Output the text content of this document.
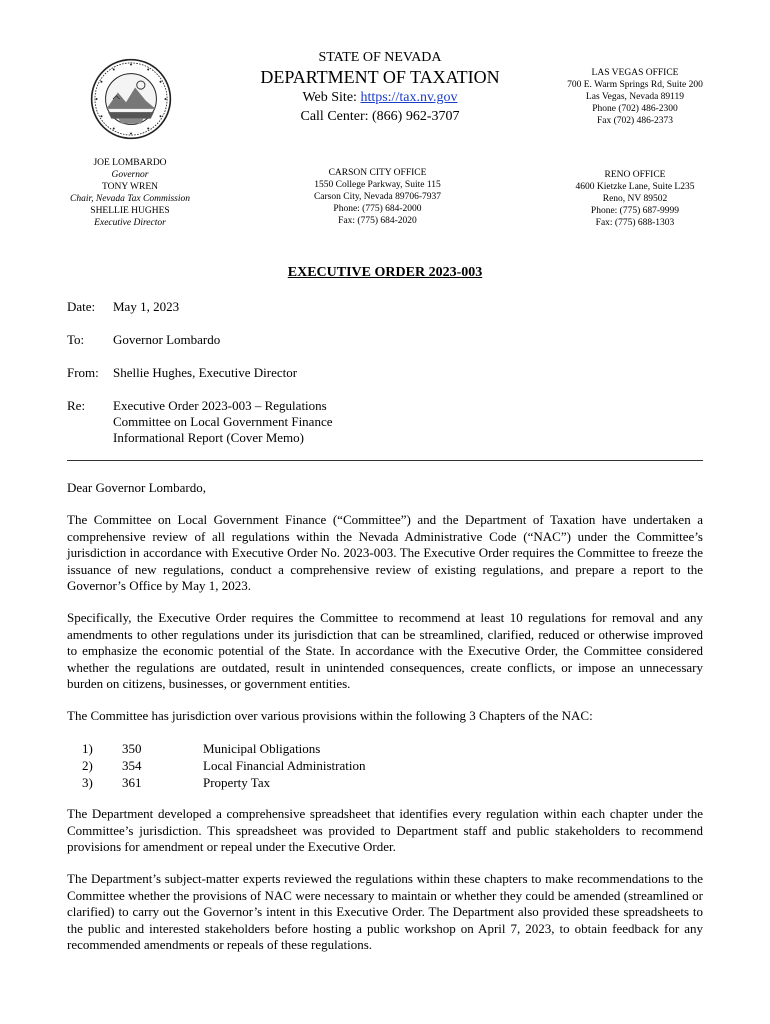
STATE OF NEVADA
DEPARTMENT OF TAXATION
Web Site: https://tax.nv.gov
Call Center: (866) 962-3707
LAS VEGAS OFFICE
700 E. Warm Springs Rd, Suite 200
Las Vegas, Nevada 89119
Phone (702) 486-2300
Fax (702) 486-2373
JOE LOMBARDO
Governor
TONY WREN
Chair, Nevada Tax Commission
SHELLIE HUGHES
Executive Director
CARSON CITY OFFICE
1550 College Parkway, Suite 115
Carson City, Nevada 89706-7937
Phone: (775) 684-2000
Fax: (775) 684-2020
RENO OFFICE
4600 Kietzke Lane, Suite L235
Reno, NV 89502
Phone: (775) 687-9999
Fax: (775) 688-1303
EXECUTIVE ORDER 2023-003
Date: May 1, 2023
To: Governor Lombardo
From: Shellie Hughes, Executive Director
Re: Executive Order 2023-003 – Regulations
Committee on Local Government Finance
Informational Report (Cover Memo)
Dear Governor Lombardo,
The Committee on Local Government Finance (“Committee”) and the Department of Taxation have undertaken a comprehensive review of all regulations within the Nevada Administrative Code (“NAC”) under the Committee’s jurisdiction in accordance with Executive Order No. 2023-003. The Executive Order requires the Committee to freeze the issuance of new regulations, conduct a comprehensive review of existing regulations, and prepare a report to the Governor’s Office by May 1, 2023.
Specifically, the Executive Order requires the Committee to recommend at least 10 regulations for removal and any amendments to other regulations under its jurisdiction that can be streamlined, clarified, reduced or otherwise improved to emphasize the economic potential of the State. In accordance with the Executive Order, the Committee considered whether the regulations are outdated, result in unintended consequences, create conflicts, or impose an unnecessary burden on citizens, businesses, or government entities.
The Committee has jurisdiction over various provisions within the following 3 Chapters of the NAC:
1)	350	Municipal Obligations
2)	354	Local Financial Administration
3)	361	Property Tax
The Department developed a comprehensive spreadsheet that identifies every regulation within each chapter under the Committee’s jurisdiction. This spreadsheet was provided to Department staff and public stakeholders to recommend provisions for amendment or repeal under the Executive Order.
The Department’s subject-matter experts reviewed the regulations within these chapters to make recommendations to the Committee whether the provisions of NAC were necessary to maintain or whether they could be amended (streamlined or clarified) to carry out the Governor’s intent in this Executive Order. The Department also provided these spreadsheets to the public and interested stakeholders before hosting a public workshop on April 7, 2023, to obtain feedback for any recommended amendments or repeals of these regulations.
